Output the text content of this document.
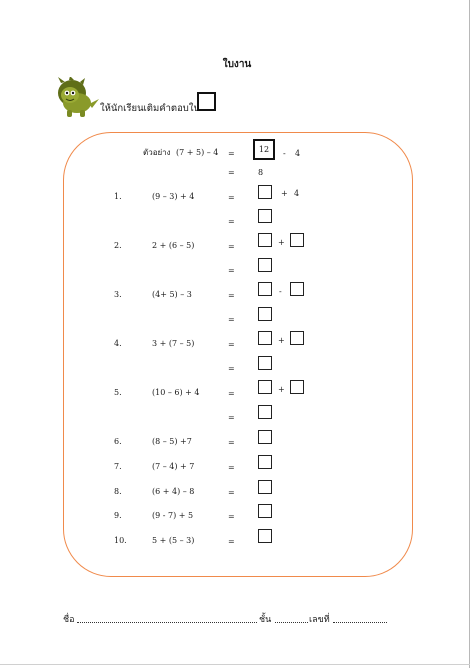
ใบงาน
ให้นักเรียนเติมคำตอบใน
ตัวอย่าง (7 + 5) – 4 =	12	- 4
=	8
1.	(9 – 3) + 4	=	+ 4
=
2.	2 + (6 – 5)	=	+
=
3.	(4+ 5) – 3	=	-
=
4.	3 + (7 – 5)	=	+
=
5.	(10 – 6) + 4	=	+
=
6.	(8 – 5) +7	=
7.	(7 – 4) + 7	=
8.	(6 + 4) – 8	=
9.	(9 - 7) + 5	=
10.	5 + (5 – 3)	=
ชื่อ	ชั้น	เลขที่
